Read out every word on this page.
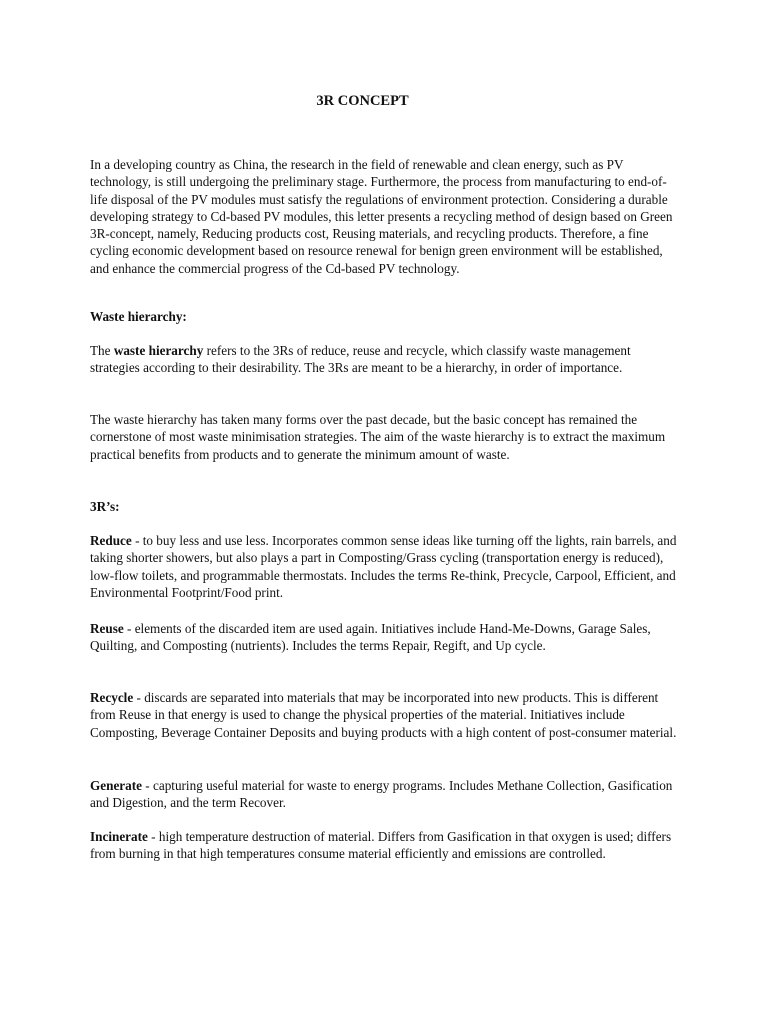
3R CONCEPT

In a developing country as China, the research in the field of renewable and clean energy, such as PV technology, is still undergoing the preliminary stage. Furthermore, the process from manufacturing to end-of-life disposal of the PV modules must satisfy the regulations of environment protection. Considering a durable developing strategy to Cd-based PV modules, this letter presents a recycling method of design based on Green 3R-concept, namely, Reducing products cost, Reusing materials, and recycling products. Therefore, a fine cycling economic development based on resource renewal for benign green environment will be established, and enhance the commercial progress of the Cd-based PV technology.

Waste hierarchy:

The waste hierarchy refers to the 3Rs of reduce, reuse and recycle, which classify waste management strategies according to their desirability. The 3Rs are meant to be a hierarchy, in order of importance.

The waste hierarchy has taken many forms over the past decade, but the basic concept has remained the cornerstone of most waste minimisation strategies. The aim of the waste hierarchy is to extract the maximum practical benefits from products and to generate the minimum amount of waste.

3R’s:

Reduce - to buy less and use less. Incorporates common sense ideas like turning off the lights, rain barrels, and taking shorter showers, but also plays a part in Composting/Grass cycling (transportation energy is reduced), low-flow toilets, and programmable thermostats. Includes the terms Re-think, Precycle, Carpool, Efficient, and Environmental Footprint/Food print.

Reuse - elements of the discarded item are used again. Initiatives include Hand-Me-Downs, Garage Sales, Quilting, and Composting (nutrients). Includes the terms Repair, Regift, and Up cycle.

Recycle - discards are separated into materials that may be incorporated into new products. This is different from Reuse in that energy is used to change the physical properties of the material. Initiatives include Composting, Beverage Container Deposits and buying products with a high content of post-consumer material.

Generate - capturing useful material for waste to energy programs. Includes Methane Collection, Gasification and Digestion, and the term Recover.

Incinerate - high temperature destruction of material. Differs from Gasification in that oxygen is used; differs from burning in that high temperatures consume material efficiently and emissions are controlled.
